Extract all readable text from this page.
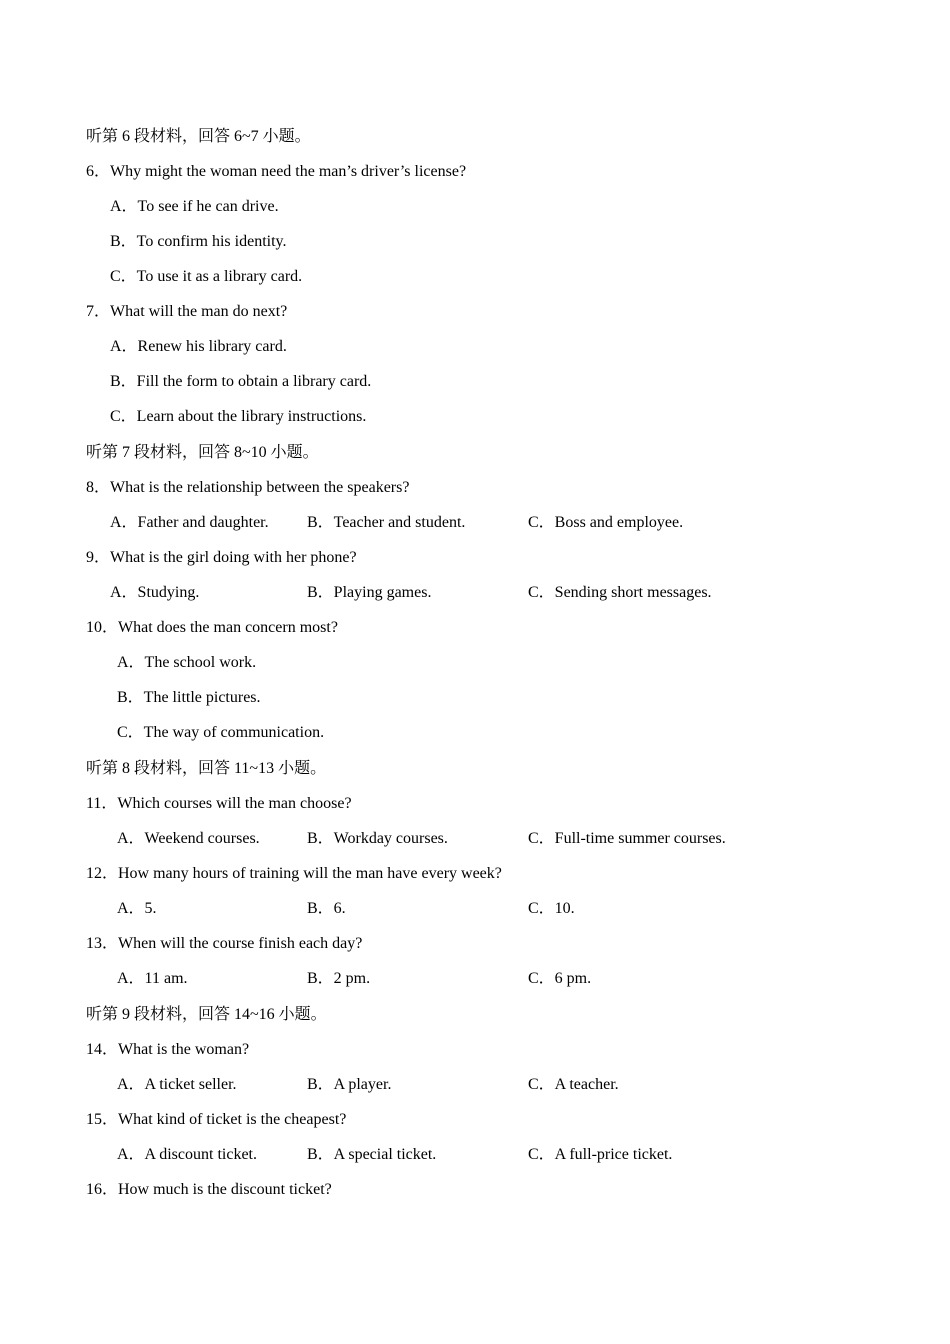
听第 6 段材料，回答 6~7 小题。
6．Why might the woman need the man’s driver’s license?
A．To see if he can drive.
B．To confirm his identity.
C．To use it as a library card.
7．What will the man do next?
A．Renew his library card.
B．Fill the form to obtain a library card.
C．Learn about the library instructions.
听第 7 段材料，回答 8~10 小题。
8．What is the relationship between the speakers?
A．Father and daughter. B．Teacher and student.	C．Boss and employee.
9．What is the girl doing with her phone?
A．Studying.	B．Playing games.	C．Sending short messages.
10．What does the man concern most?
A．The school work.
B．The little pictures.
C．The way of communication.
听第 8 段材料，回答 11~13 小题。
11．Which courses will the man choose?
A．Weekend courses.	B．Workday courses.	C．Full-time summer courses.
12．How many hours of training will the man have every week?
A．5.	B．6.	C．10.
13．When will the course finish each day?
A．11 am.	B．2 pm.	C．6 pm.
听第 9 段材料，回答 14~16 小题。
14．What is the woman?
A．A ticket seller.	B．A player.	C．A teacher.
15．What kind of ticket is the cheapest?
A．A discount ticket.	B．A special ticket.	C．A full-price ticket.
16．How much is the discount ticket?
